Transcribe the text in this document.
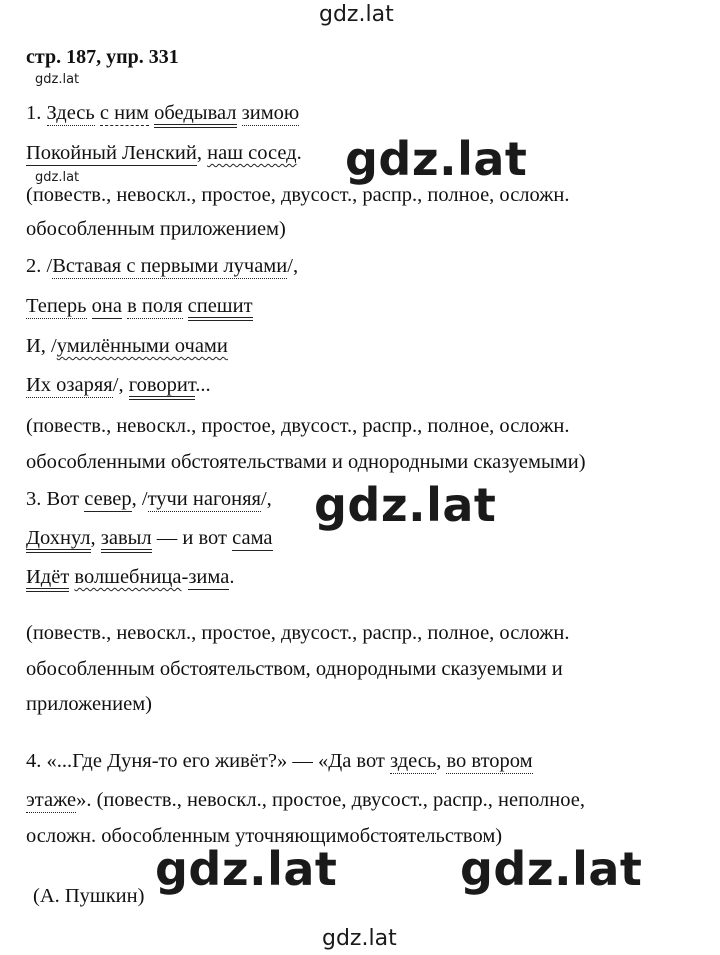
gdz.lat
gdz.lat
gdz.lat	gdz.lat
gdz.lat
gdz.lat	gdz.lat
gdz.lat
стр. 187, упр. 331
1. Здесь с ним обедывал зимою
Покойный Ленский, наш сосед.
(повеств., невоскл., простое, двусост., распр., полное, осложн.
обособленным приложением)
2. /Вставая с первыми лучами/,
Теперь она в поля спешит
И, /умилёнными очами
Их озаряя/, говорит...
(повеств., невоскл., простое, двусост., распр., полное, осложн.
обособленными обстоятельствами и однородными сказуемыми)
3. Вот север, /тучи нагоняя/,
Дохнул, завыл — и вот сама
Идёт волшебница-зима.
(повеств., невоскл., простое, двусост., распр., полное, осложн.
обособленным обстоятельством, однородными сказуемыми и
приложением)
4. «...Где Дуня-то его живёт?» — «Да вот здесь, во втором
этаже». (повеств., невоскл., простое, двусост., распр., неполное,
осложн. обособленным уточняющимобстоятельством)
(А. Пушкин)
